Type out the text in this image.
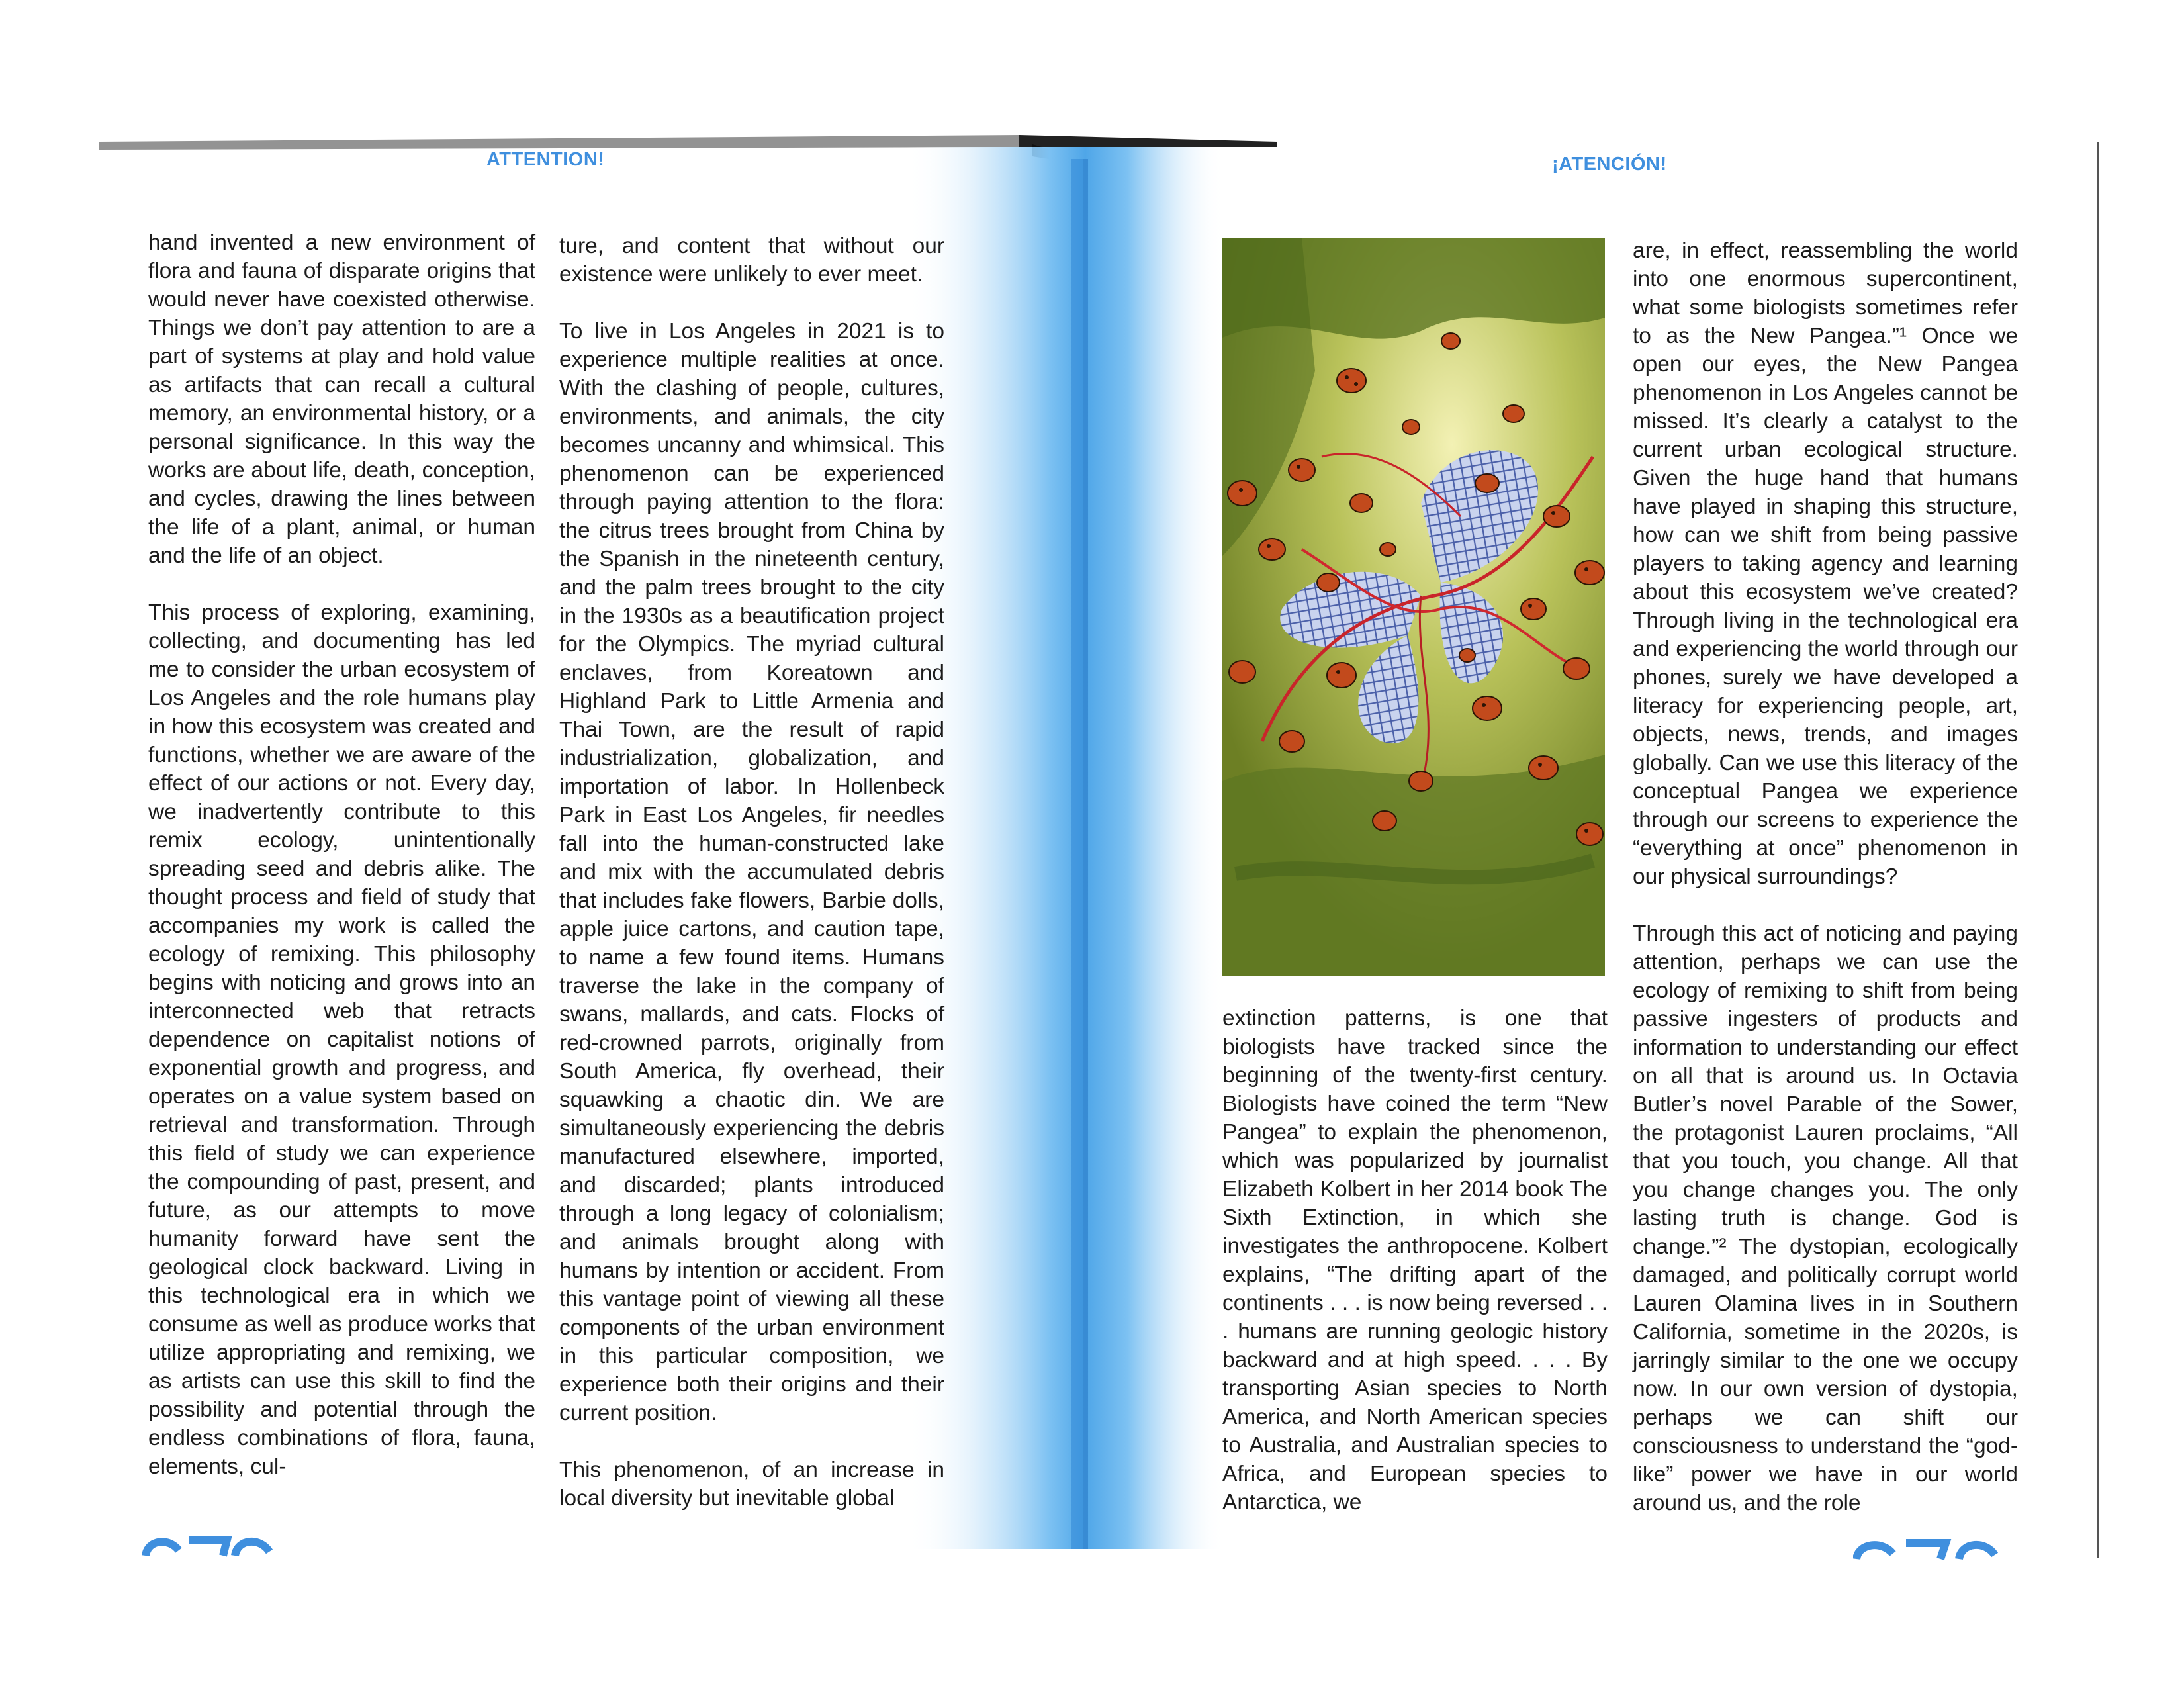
ATTENTION!	¡ATENCIÓN!

hand invented a new environment of flora and fauna of disparate origins that would never have coexisted otherwise. Things we don’t pay attention to are a part of systems at play and hold value as artifacts that can recall a cultural memory, an environmental history, or a personal significance. In this way the works are about life, death, conception, and cycles, drawing the lines between the life of a plant, animal, or human and the life of an object.

This process of exploring, examining, collecting, and documenting has led me to consider the urban ecosystem of Los Angeles and the role humans play in how this ecosystem was created and functions, whether we are aware of the effect of our actions or not. Every day, we inadvertently contribute to this remix ecology, unintentionally spreading seed and debris alike. The thought process and field of study that accompanies my work is called the ecology of remixing. This philosophy begins with noticing and grows into an interconnected web that retracts dependence on capitalist notions of exponential growth and progress, and operates on a value system based on retrieval and transformation. Through this field of study we can experience the compounding of past, present, and future, as our attempts to move humanity forward have sent the geological clock backward. Living in this technological era in which we consume as well as produce works that utilize appropriating and remixing, we as artists can use this skill to find the possibility and potential through the endless combinations of flora, fauna, elements, cul-

ture, and content that without our existence were unlikely to ever meet.

To live in Los Angeles in 2021 is to experience multiple realities at once. With the clashing of people, cultures, environments, and animals, the city becomes uncanny and whimsical. This phenomenon can be experienced through paying attention to the flora: the citrus trees brought from China by the Spanish in the nineteenth century, and the palm trees brought to the city in the 1930s as a beautification project for the Olympics. The myriad cultural enclaves, from Koreatown and Highland Park to Little Armenia and Thai Town, are the result of rapid industrialization, globalization, and importation of labor. In Hollenbeck Park in East Los Angeles, fir needles fall into the human-constructed lake and mix with the accumulated debris that includes fake flowers, Barbie dolls, apple juice cartons, and caution tape, to name a few found items. Humans traverse the lake in the company of swans, mallards, and cats. Flocks of red-crowned parrots, originally from South America, fly overhead, their squawking a chaotic din. We are simultaneously experiencing the debris manufactured elsewhere, imported, and discarded; plants introduced through a long legacy of colonialism; and animals brought along with humans by intention or accident. From this vantage point of viewing all these components of the urban environment in this particular composition, we experience both their origins and their current position.

This phenomenon, of an increase in local diversity but inevitable global

extinction patterns, is one that biologists have tracked since the beginning of the twenty-first century. Biologists have coined the term “New Pangea” to explain the phenomenon, which was popularized by journalist Elizabeth Kolbert in her 2014 book The Sixth Extinction, in which she investigates the anthropocene. Kolbert explains, “The drifting apart of the continents . . . is now being reversed . . . humans are running geologic history backward and at high speed. . . . By transporting Asian species to North America, and North American species to Australia, and Australian species to Africa, and European species to Antarctica, we

are, in effect, reassembling the world into one enormous supercontinent, what some biologists sometimes refer to as the New Pangea.”¹ Once we open our eyes, the New Pangea phenomenon in Los Angeles cannot be missed. It’s clearly a catalyst to the current urban ecological structure. Given the huge hand that humans have played in shaping this structure, how can we shift from being passive players to taking agency and learning about this ecosystem we’ve created? Through living in the technological era and experiencing the world through our phones, surely we have developed a literacy for experiencing people, art, objects, news, trends, and images globally. Can we use this literacy of the conceptual Pangea we experience through our screens to experience the “everything at once” phenomenon in our physical surroundings?

Through this act of noticing and paying attention, perhaps we can use the ecology of remixing to shift from being passive ingesters of products and information to understanding our effect on all that is around us. In Octavia Butler’s novel Parable of the Sower, the protagonist Lauren proclaims, “All that you touch, you change. All that you change changes you. The only lasting truth is change. God is change.”² The dystopian, ecologically damaged, and politically corrupt world Lauren Olamina lives in in Southern California, sometime in the 2020s, is jarringly similar to the one we occupy now. In our own version of dystopia, perhaps we can shift our consciousness to understand the “god-like” power we have in our world around us, and the role
